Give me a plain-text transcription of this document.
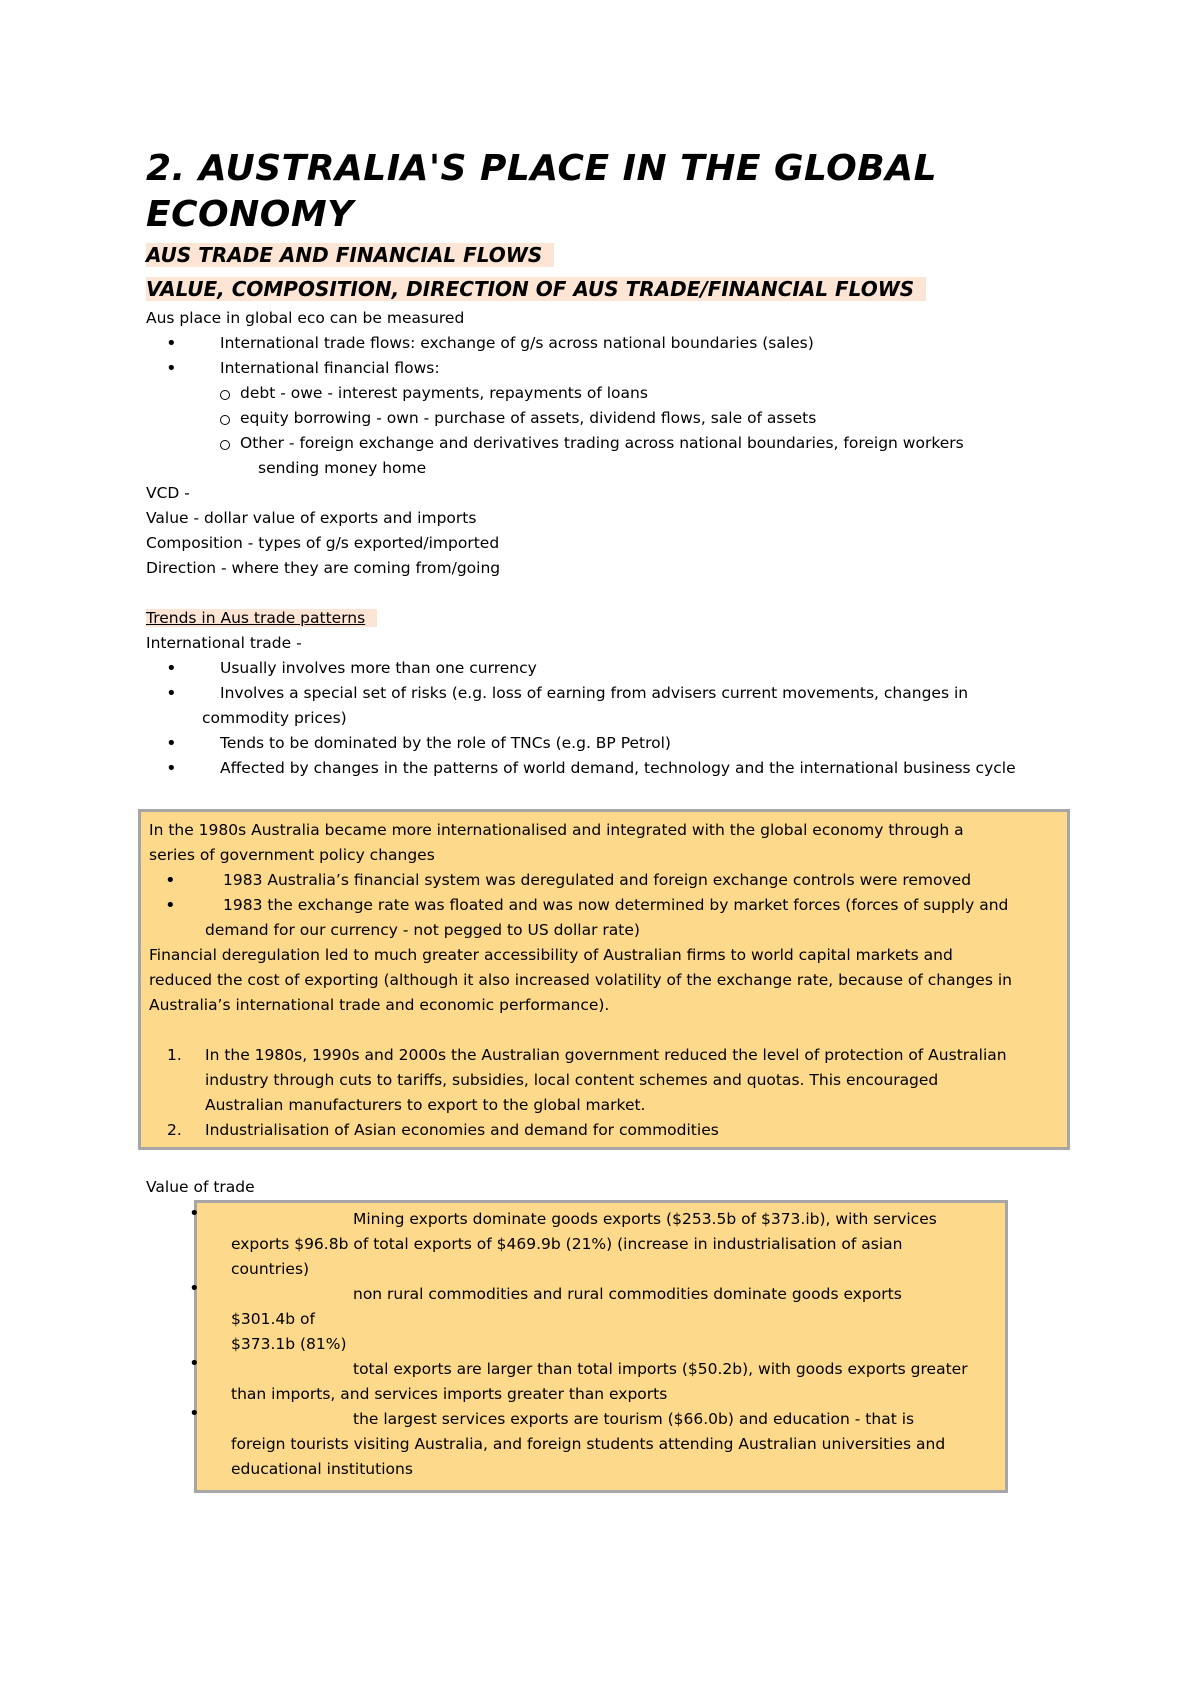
2. AUSTRALIA'S PLACE IN THE GLOBAL ECONOMY

AUS TRADE AND FINANCIAL FLOWS

VALUE, COMPOSITION, DIRECTION OF AUS TRADE/FINANCIAL FLOWS

Aus place in global eco can be measured

• International trade flows: exchange of g/s across national boundaries (sales)
• International financial flows:
debt - owe - interest payments, repayments of loans
equity borrowing - own - purchase of assets, dividend flows, sale of assets
Other - foreign exchange and derivatives trading across national boundaries, foreign workers
sending money home

VCD -

Value - dollar value of exports and imports

Composition - types of g/s exported/imported

Direction - where they are coming from/going

Trends in Aus trade patterns

International trade -

• Usually involves more than one currency
• Involves a special set of risks (e.g. loss of earning from advisers current movements, changes in
commodity prices)
• Tends to be dominated by the role of TNCs (e.g. BP Petrol)
• Affected by changes in the patterns of world demand, technology and the international business cycle

In the 1980s Australia became more internationalised and integrated with the global economy through a

series of government policy changes

• 1983 Australia’s financial system was deregulated and foreign exchange controls were removed
• 1983 the exchange rate was floated and was now determined by market forces (forces of supply and
demand for our currency - not pegged to US dollar rate)

Financial deregulation led to much greater accessibility of Australian firms to world capital markets and

reduced the cost of exporting (although it also increased volatility of the exchange rate, because of changes in

Australia’s international trade and economic performance).

1. In the 1980s, 1990s and 2000s the Australian government reduced the level of protection of Australian
industry through cuts to tariffs, subsidies, local content schemes and quotas. This encouraged
Australian manufacturers to export to the global market.
2. Industrialisation of Asian economies and demand for commodities

Value of trade

• Mining exports dominate goods exports ($253.5b of $373.ib), with services
exports $96.8b of total exports of $469.9b (21%) (increase in industrialisation of asian
countries)
• non rural commodities and rural commodities dominate goods exports
$301.4b of
$373.1b (81%)
• total exports are larger than total imports ($50.2b), with goods exports greater
than imports, and services imports greater than exports
• the largest services exports are tourism ($66.0b) and education - that is
foreign tourists visiting Australia, and foreign students attending Australian universities and
educational institutions
